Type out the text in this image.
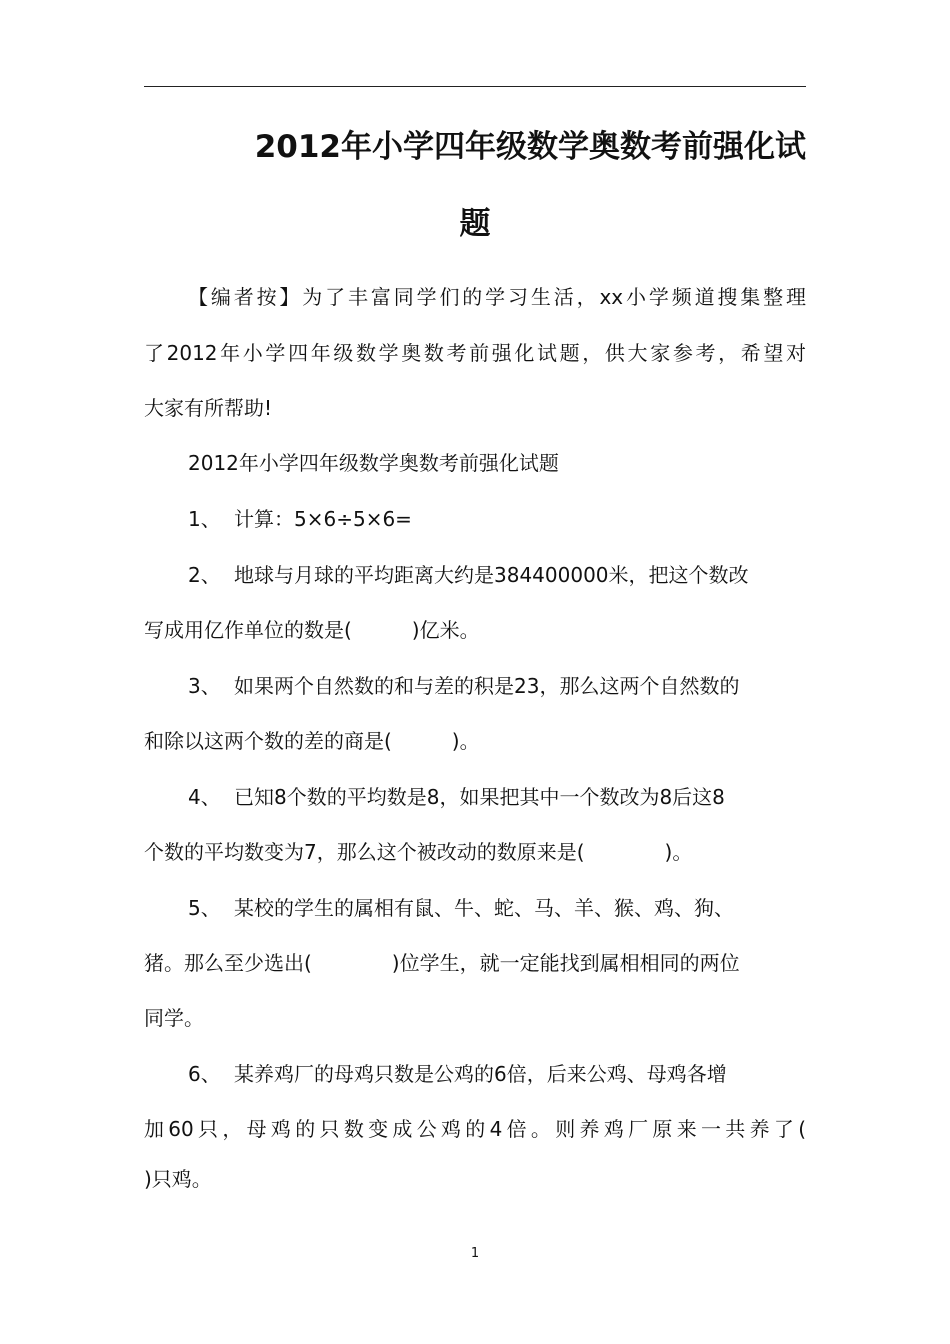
2012年小学四年级数学奥数考前强化试
题
【编者按】为了丰富同学们的学习生活，xx小学频道搜集整理
了2012年小学四年级数学奥数考前强化试题，供大家参考，希望对
大家有所帮助!
2012年小学四年级数学奥数考前强化试题
1、 计算：5×6÷5×6=
2、 地球与月球的平均距离大约是384400000米，把这个数改
写成用亿作单位的数是(　　　)亿米。
3、 如果两个自然数的和与差的积是23，那么这两个自然数的
和除以这两个数的差的商是(　　　)。
4、 已知8个数的平均数是8，如果把其中一个数改为8后这8
个数的平均数变为7，那么这个被改动的数原来是(　　　　)。
5、 某校的学生的属相有鼠、牛、蛇、马、羊、猴、鸡、狗、
猪。那么至少选出(　　　　)位学生，就一定能找到属相相同的两位
同学。
6、 某养鸡厂的母鸡只数是公鸡的6倍，后来公鸡、母鸡各增
加60只，母鸡的只数变成公鸡的4倍。则养鸡厂原来一共养了(
)只鸡。
1
